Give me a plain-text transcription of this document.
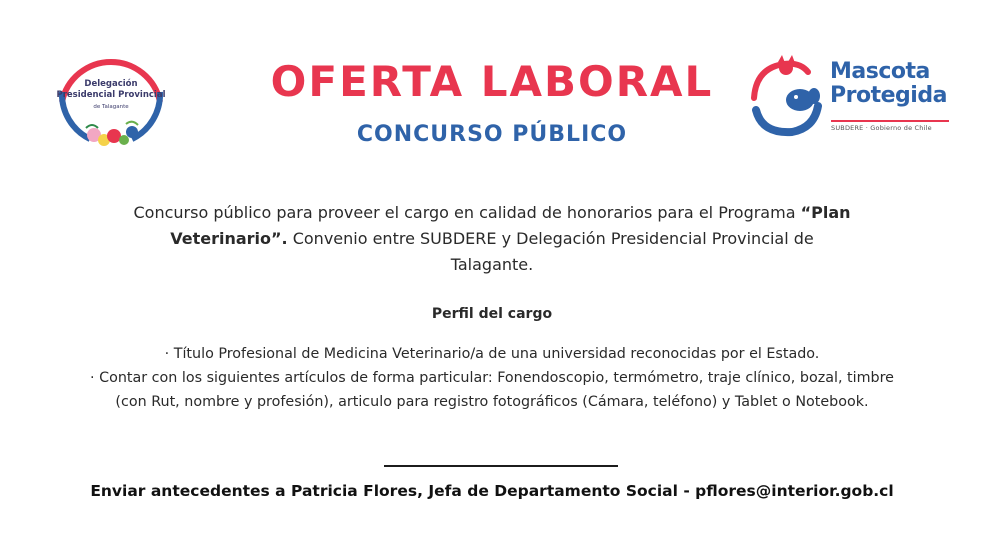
Delegación
Presidencial Provincial
de Talagante
OFERTA LABORAL
CONCURSO PÚBLICO
Mascota
Protegida
SUBDERE · Gobierno de Chile
Concurso público para proveer el cargo en calidad de honorarios para el Programa “Plan Veterinario”. Convenio entre SUBDERE y Delegación Presidencial Provincial de Talagante.
Perfil del cargo

· Título Profesional de Medicina Veterinario/a de una universidad reconocidas por el Estado.

· Contar con los siguientes artículos de forma particular: Fonendoscopio, termómetro, traje clínico, bozal, timbre (con Rut, nombre y profesión), articulo para registro fotográficos (Cámara, teléfono) y Tablet o Notebook.

Enviar antecedentes a Patricia Flores, Jefa de Departamento Social - pflores@interior.gob.cl
